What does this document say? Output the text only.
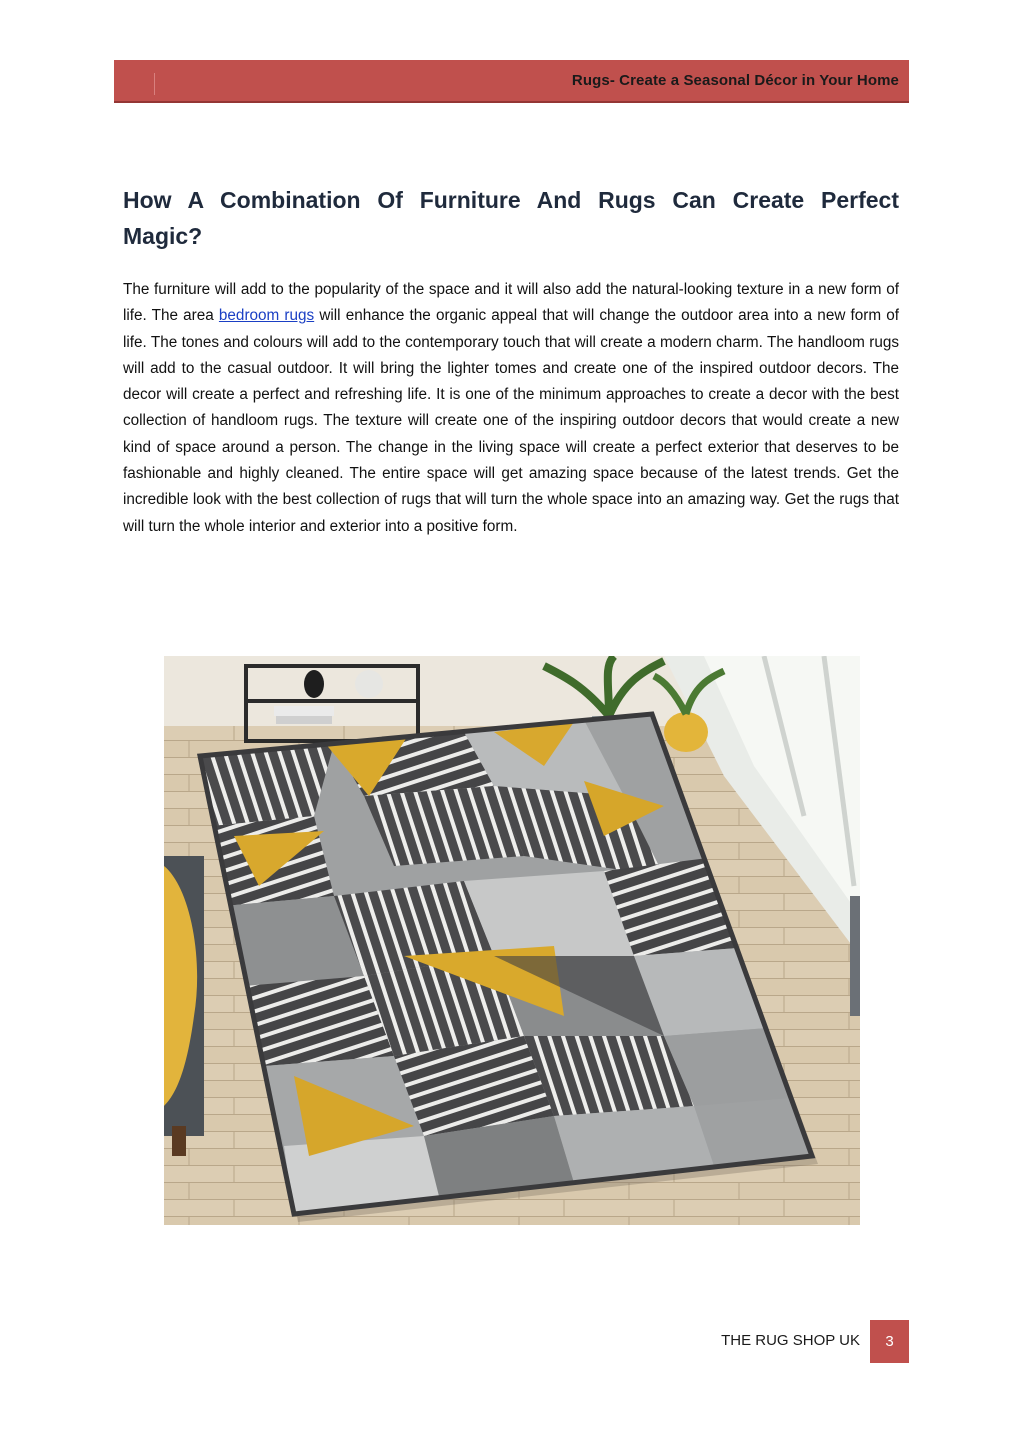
Rugs- Create a Seasonal Décor in Your Home
How A Combination Of Furniture And Rugs Can Create Perfect Magic?

The furniture will add to the popularity of the space and it will also add the natural-looking texture in a new form of life. The area bedroom rugs will enhance the organic appeal that will change the outdoor area into a new form of life. The tones and colours will add to the contemporary touch that will create a modern charm. The handloom rugs will add to the casual outdoor. It will bring the lighter tomes and create one of the inspired outdoor decors. The decor will create a perfect and refreshing life. It is one of the minimum approaches to create a decor with the best collection of handloom rugs. The texture will create one of the inspiring outdoor decors that would create a new kind of space around a person. The change in the living space will create a perfect exterior that deserves to be fashionable and highly cleaned. The entire space will get amazing space because of the latest trends. Get the incredible look with the best collection of rugs that will turn the whole space into an amazing way. Get the rugs that will turn the whole interior and exterior into a positive form.

THE RUG SHOP UK	3
